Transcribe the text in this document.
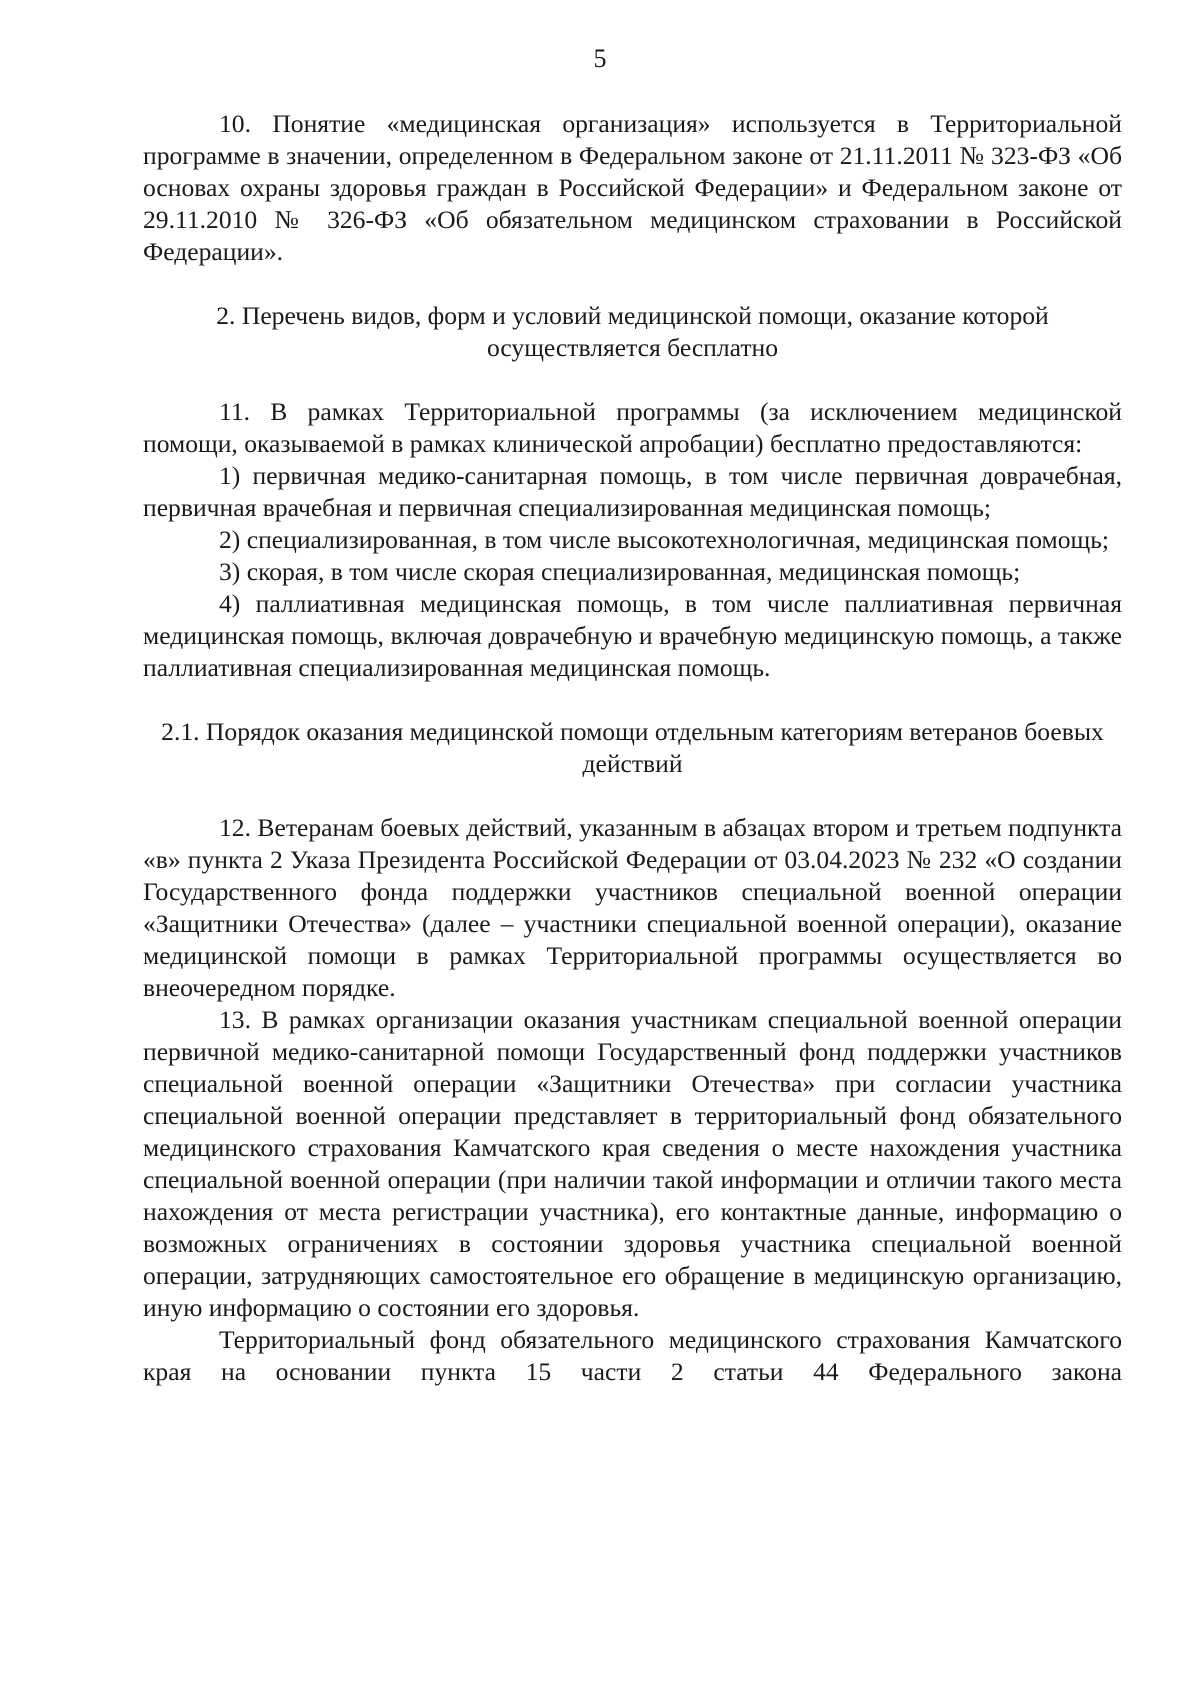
5

10. Понятие «медицинская организация» используется в Территориальной программе в значении, определенном в Федеральном законе от 21.11.2011 № 323-ФЗ «Об основах охраны здоровья граждан в Российской Федерации» и Федеральном законе от 29.11.2010 № 326-ФЗ «Об обязательном медицинском страховании в Российской Федерации».

2. Перечень видов, форм и условий медицинской помощи, оказание которой осуществляется бесплатно

11. В рамках Территориальной программы (за исключением медицинской помощи, оказываемой в рамках клинической апробации) бесплатно предоставляются:

1) первичная медико-санитарная помощь, в том числе первичная доврачебная, первичная врачебная и первичная специализированная медицинская помощь;

2) специализированная, в том числе высокотехнологичная, медицинская помощь;

3) скорая, в том числе скорая специализированная, медицинская помощь;

4) паллиативная медицинская помощь, в том числе паллиативная первичная медицинская помощь, включая доврачебную и врачебную медицинскую помощь, а также паллиативная специализированная медицинская помощь.

2.1. Порядок оказания медицинской помощи отдельным категориям ветеранов боевых действий

12. Ветеранам боевых действий, указанным в абзацах втором и третьем подпункта «в» пункта 2 Указа Президента Российской Федерации от 03.04.2023 № 232 «О создании Государственного фонда поддержки участников специальной военной операции «Защитники Отечества» (далее – участники специальной военной операции), оказание медицинской помощи в рамках Территориальной программы осуществляется во внеочередном порядке.

13. В рамках организации оказания участникам специальной военной операции первичной медико-санитарной помощи Государственный фонд поддержки участников специальной военной операции «Защитники Отечества» при согласии участника специальной военной операции представляет в территориальный фонд обязательного медицинского страхования Камчатского края сведения о месте нахождения участника специальной военной операции (при наличии такой информации и отличии такого места нахождения от места регистрации участника), его контактные данные, информацию о возможных ограничениях в состоянии здоровья участника специальной военной операции, затрудняющих самостоятельное его обращение в медицинскую организацию, иную информацию о состоянии его здоровья.

Территориальный фонд обязательного медицинского страхования Камчатского края на основании пункта 15 части 2 статьи 44 Федерального закона
